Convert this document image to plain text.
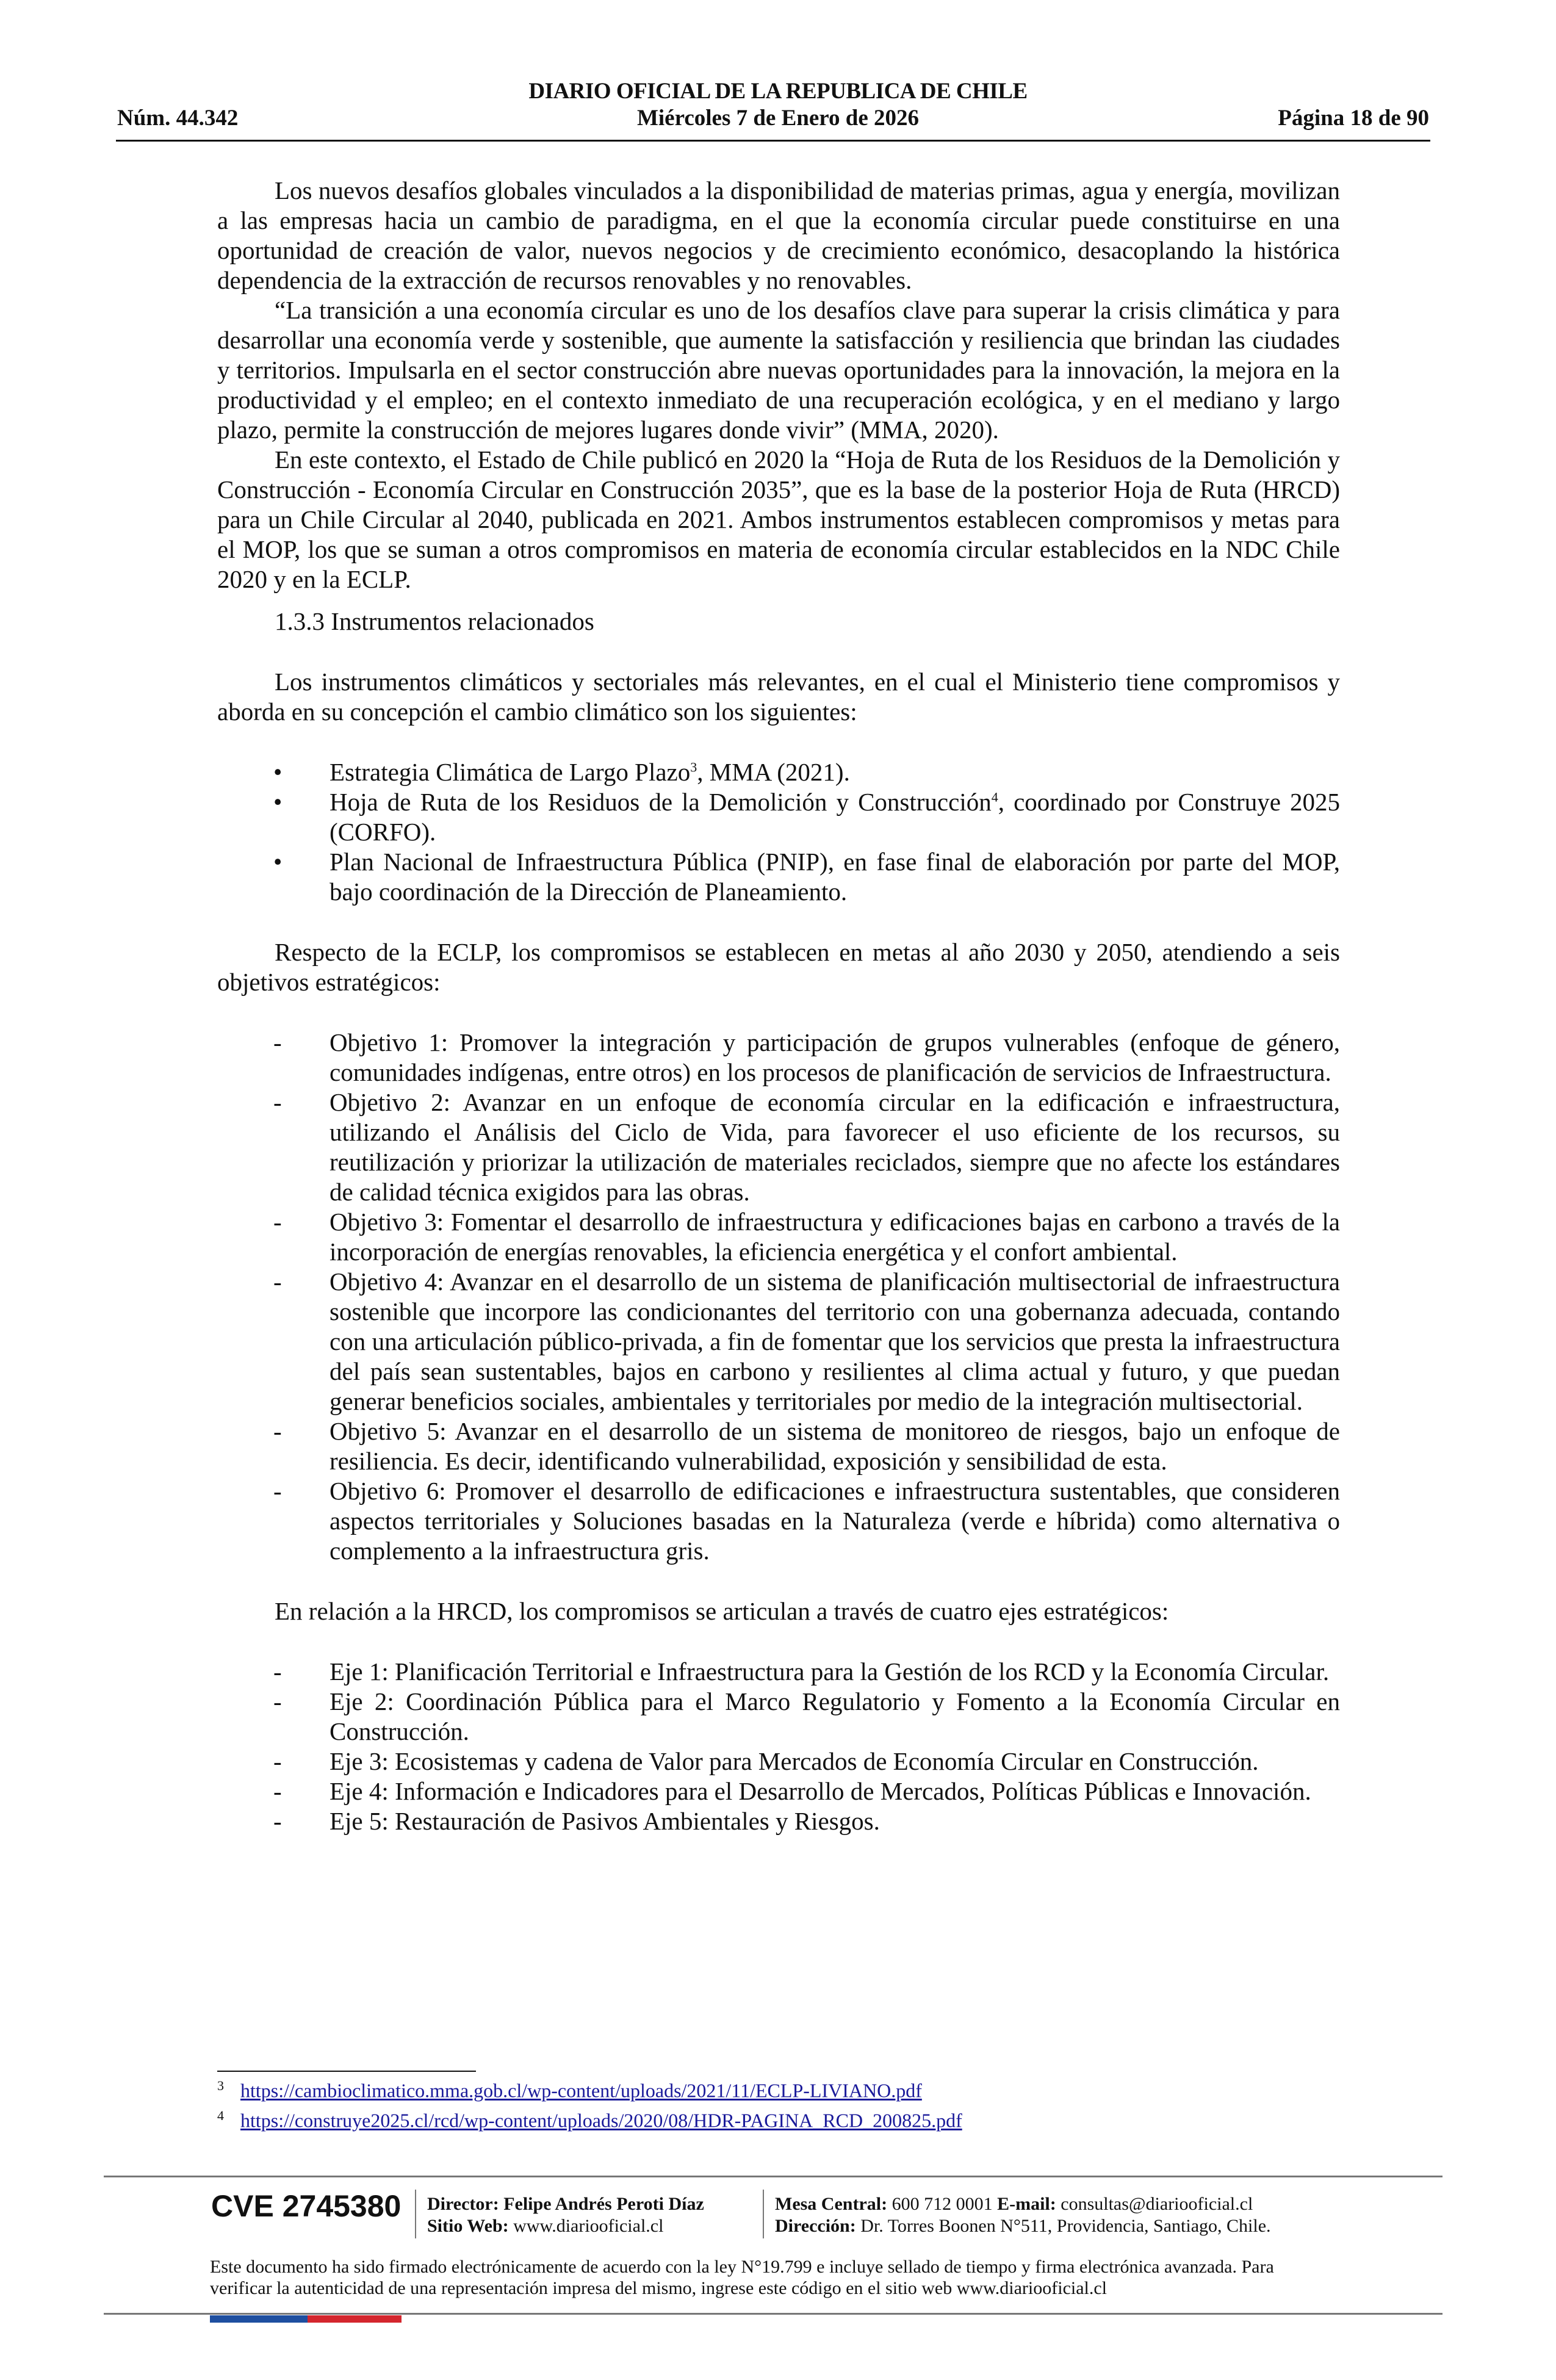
DIARIO OFICIAL DE LA REPUBLICA DE CHILE
Núm. 44.342	Miércoles 7 de Enero de 2026	Página 18 de 90

Los nuevos desafíos globales vinculados a la disponibilidad de materias primas, agua y energía, movilizan a las empresas hacia un cambio de paradigma, en el que la economía circular puede constituirse en una oportunidad de creación de valor, nuevos negocios y de crecimiento económico, desacoplando la histórica dependencia de la extracción de recursos renovables y no renovables.

“La transición a una economía circular es uno de los desafíos clave para superar la crisis climática y para desarrollar una economía verde y sostenible, que aumente la satisfacción y resiliencia que brindan las ciudades y territorios. Impulsarla en el sector construcción abre nuevas oportunidades para la innovación, la mejora en la productividad y el empleo; en el contexto inmediato de una recuperación ecológica, y en el mediano y largo plazo, permite la construcción de mejores lugares donde vivir” (MMA, 2020).

En este contexto, el Estado de Chile publicó en 2020 la “Hoja de Ruta de los Residuos de la Demolición y Construcción - Economía Circular en Construcción 2035”, que es la base de la posterior Hoja de Ruta (HRCD) para un Chile Circular al 2040, publicada en 2021. Ambos instrumentos establecen compromisos y metas para el MOP, los que se suman a otros compromisos en materia de economía circular establecidos en la NDC Chile 2020 y en la ECLP.

1.3.3 Instrumentos relacionados

Los instrumentos climáticos y sectoriales más relevantes, en el cual el Ministerio tiene compromisos y aborda en su concepción el cambio climático son los siguientes:

• Estrategia Climática de Largo Plazo$^3$, MMA (2021).
• Hoja de Ruta de los Residuos de la Demolición y Construcción$^4$, coordinado por Construye 2025 (CORFO).
• Plan Nacional de Infraestructura Pública (PNIP), en fase final de elaboración por parte del MOP, bajo coordinación de la Dirección de Planeamiento.

Respecto de la ECLP, los compromisos se establecen en metas al año 2030 y 2050, atendiendo a seis objetivos estratégicos:

- Objetivo 1: Promover la integración y participación de grupos vulnerables (enfoque de género, comunidades indígenas, entre otros) en los procesos de planificación de servicios de Infraestructura.
- Objetivo 2: Avanzar en un enfoque de economía circular en la edificación e infraestructura, utilizando el Análisis del Ciclo de Vida, para favorecer el uso eficiente de los recursos, su reutilización y priorizar la utilización de materiales reciclados, siempre que no afecte los estándares de calidad técnica exigidos para las obras.
- Objetivo 3: Fomentar el desarrollo de infraestructura y edificaciones bajas en carbono a través de la incorporación de energías renovables, la eficiencia energética y el confort ambiental.
- Objetivo 4: Avanzar en el desarrollo de un sistema de planificación multisectorial de infraestructura sostenible que incorpore las condicionantes del territorio con una gobernanza adecuada, contando con una articulación público-privada, a fin de fomentar que los servicios que presta la infraestructura del país sean sustentables, bajos en carbono y resilientes al clima actual y futuro, y que puedan generar beneficios sociales, ambientales y territoriales por medio de la integración multisectorial.
- Objetivo 5: Avanzar en el desarrollo de un sistema de monitoreo de riesgos, bajo un enfoque de resiliencia. Es decir, identificando vulnerabilidad, exposición y sensibilidad de esta.
- Objetivo 6: Promover el desarrollo de edificaciones e infraestructura sustentables, que consideren aspectos territoriales y Soluciones basadas en la Naturaleza (verde e híbrida) como alternativa o complemento a la infraestructura gris.

En relación a la HRCD, los compromisos se articulan a través de cuatro ejes estratégicos:

- Eje 1: Planificación Territorial e Infraestructura para la Gestión de los RCD y la Economía Circular.
- Eje 2: Coordinación Pública para el Marco Regulatorio y Fomento a la Economía Circular en Construcción.
- Eje 3: Ecosistemas y cadena de Valor para Mercados de Economía Circular en Construcción.
- Eje 4: Información e Indicadores para el Desarrollo de Mercados, Políticas Públicas e Innovación.
- Eje 5: Restauración de Pasivos Ambientales y Riesgos.
3 https://cambioclimatico.mma.gob.cl/wp-content/uploads/2021/11/ECLP-LIVIANO.pdf
4 https://construye2025.cl/rcd/wp-content/uploads/2020/08/HDR-PAGINA_RCD_200825.pdf
CVE 2745380 Director: Felipe Andrés Peroti Díaz
Sitio Web: www.diariooficial.cl
Mesa Central: 600 712 0001 E-mail: consultas@diariooficial.cl
Dirección: Dr. Torres Boonen N°511, Providencia, Santiago, Chile.
Este documento ha sido firmado electrónicamente de acuerdo con la ley N°19.799 e incluye sellado de tiempo y firma electrónica avanzada. Para verificar la autenticidad de una representación impresa del mismo, ingrese este código en el sitio web www.diariooficial.cl
